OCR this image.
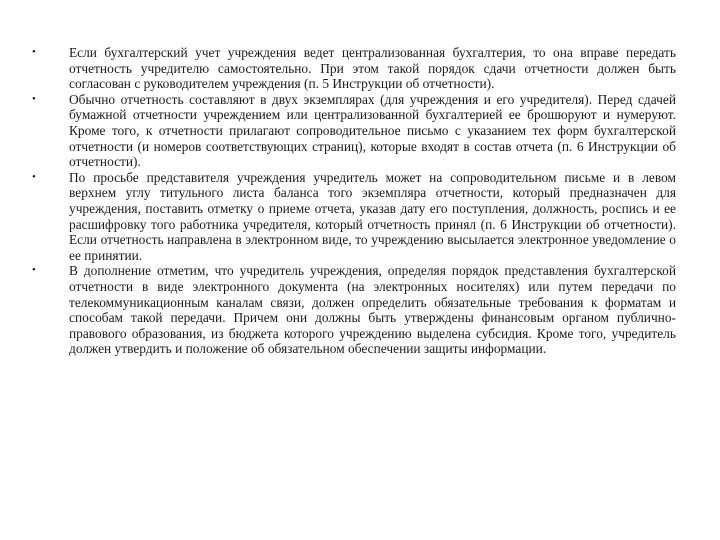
•	Если бухгалтерский учет учреждения ведет централизованная бухгалтерия, то она вправе передать отчетность учредителю самостоятельно. При этом такой порядок сдачи отчетности должен быть согласован с руководителем учреждения (п. 5 Инструкции об отчетности).
•	Обычно отчетность составляют в двух экземплярах (для учреждения и его учредителя). Перед сдачей бумажной отчетности учреждением или централизованной бухгалтерией ее брошюруют и нумеруют. Кроме того, к отчетности прилагают сопроводительное письмо с указанием тех форм бухгалтерской отчетности (и номеров соответствующих страниц), которые входят в состав отчета (п. 6 Инструкции об отчетности).
•	По просьбе представителя учреждения учредитель может на сопроводительном письме и в левом верхнем углу титульного листа баланса того экземпляра отчетности, который предназначен для учреждения, поставить отметку о приеме отчета, указав дату его поступления, должность, роспись и ее расшифровку того работника учредителя, который отчетность принял (п. 6 Инструкции об отчетности). Если отчетность направлена в электронном виде, то учреждению высылается электронное уведомление о ее принятии.
•	В дополнение отметим, что учредитель учреждения, определяя порядок представления бухгалтерской отчетности в виде электронного документа (на электронных носителях) или путем передачи по телекоммуникационным каналам связи, должен определить обязательные требования к форматам и способам такой передачи. Причем они должны быть утверждены финансовым органом публично-правового образования, из бюджета которого учреждению выделена субсидия. Кроме того, учредитель должен утвердить и положение об обязательном обеспечении защиты информации.
